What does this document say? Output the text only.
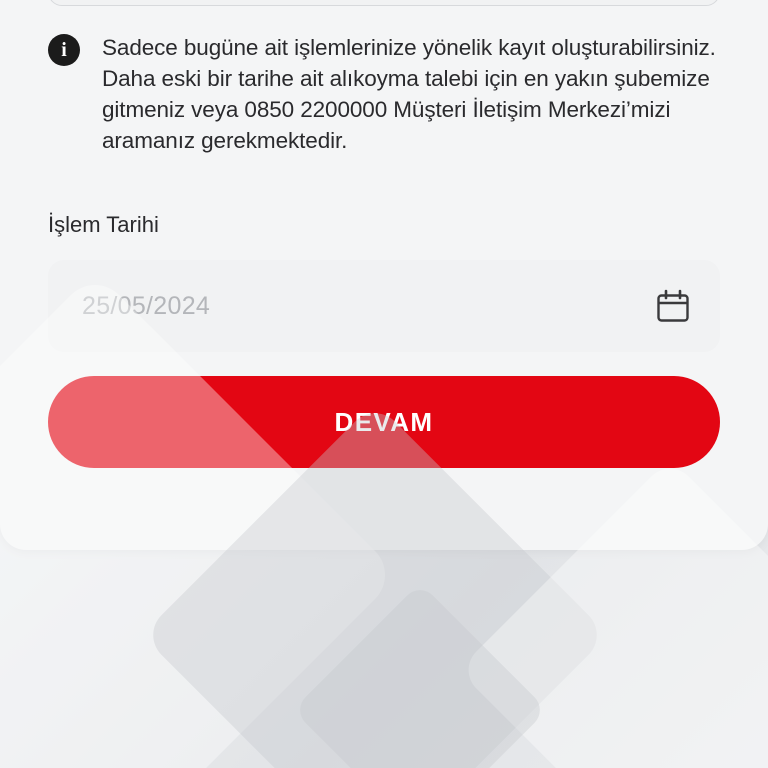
i	Sadece bugüne ait işlemlerinize yönelik kayıt oluşturabilirsiniz. Daha eski bir tarihe ait alıkoyma talebi için en yakın şubemize gitmeniz veya 0850 2200000 Müşteri İletişim Merkezi’mizi aramanız gerekmektedir.
İşlem Tarihi
25/05/2024
DEVAM
